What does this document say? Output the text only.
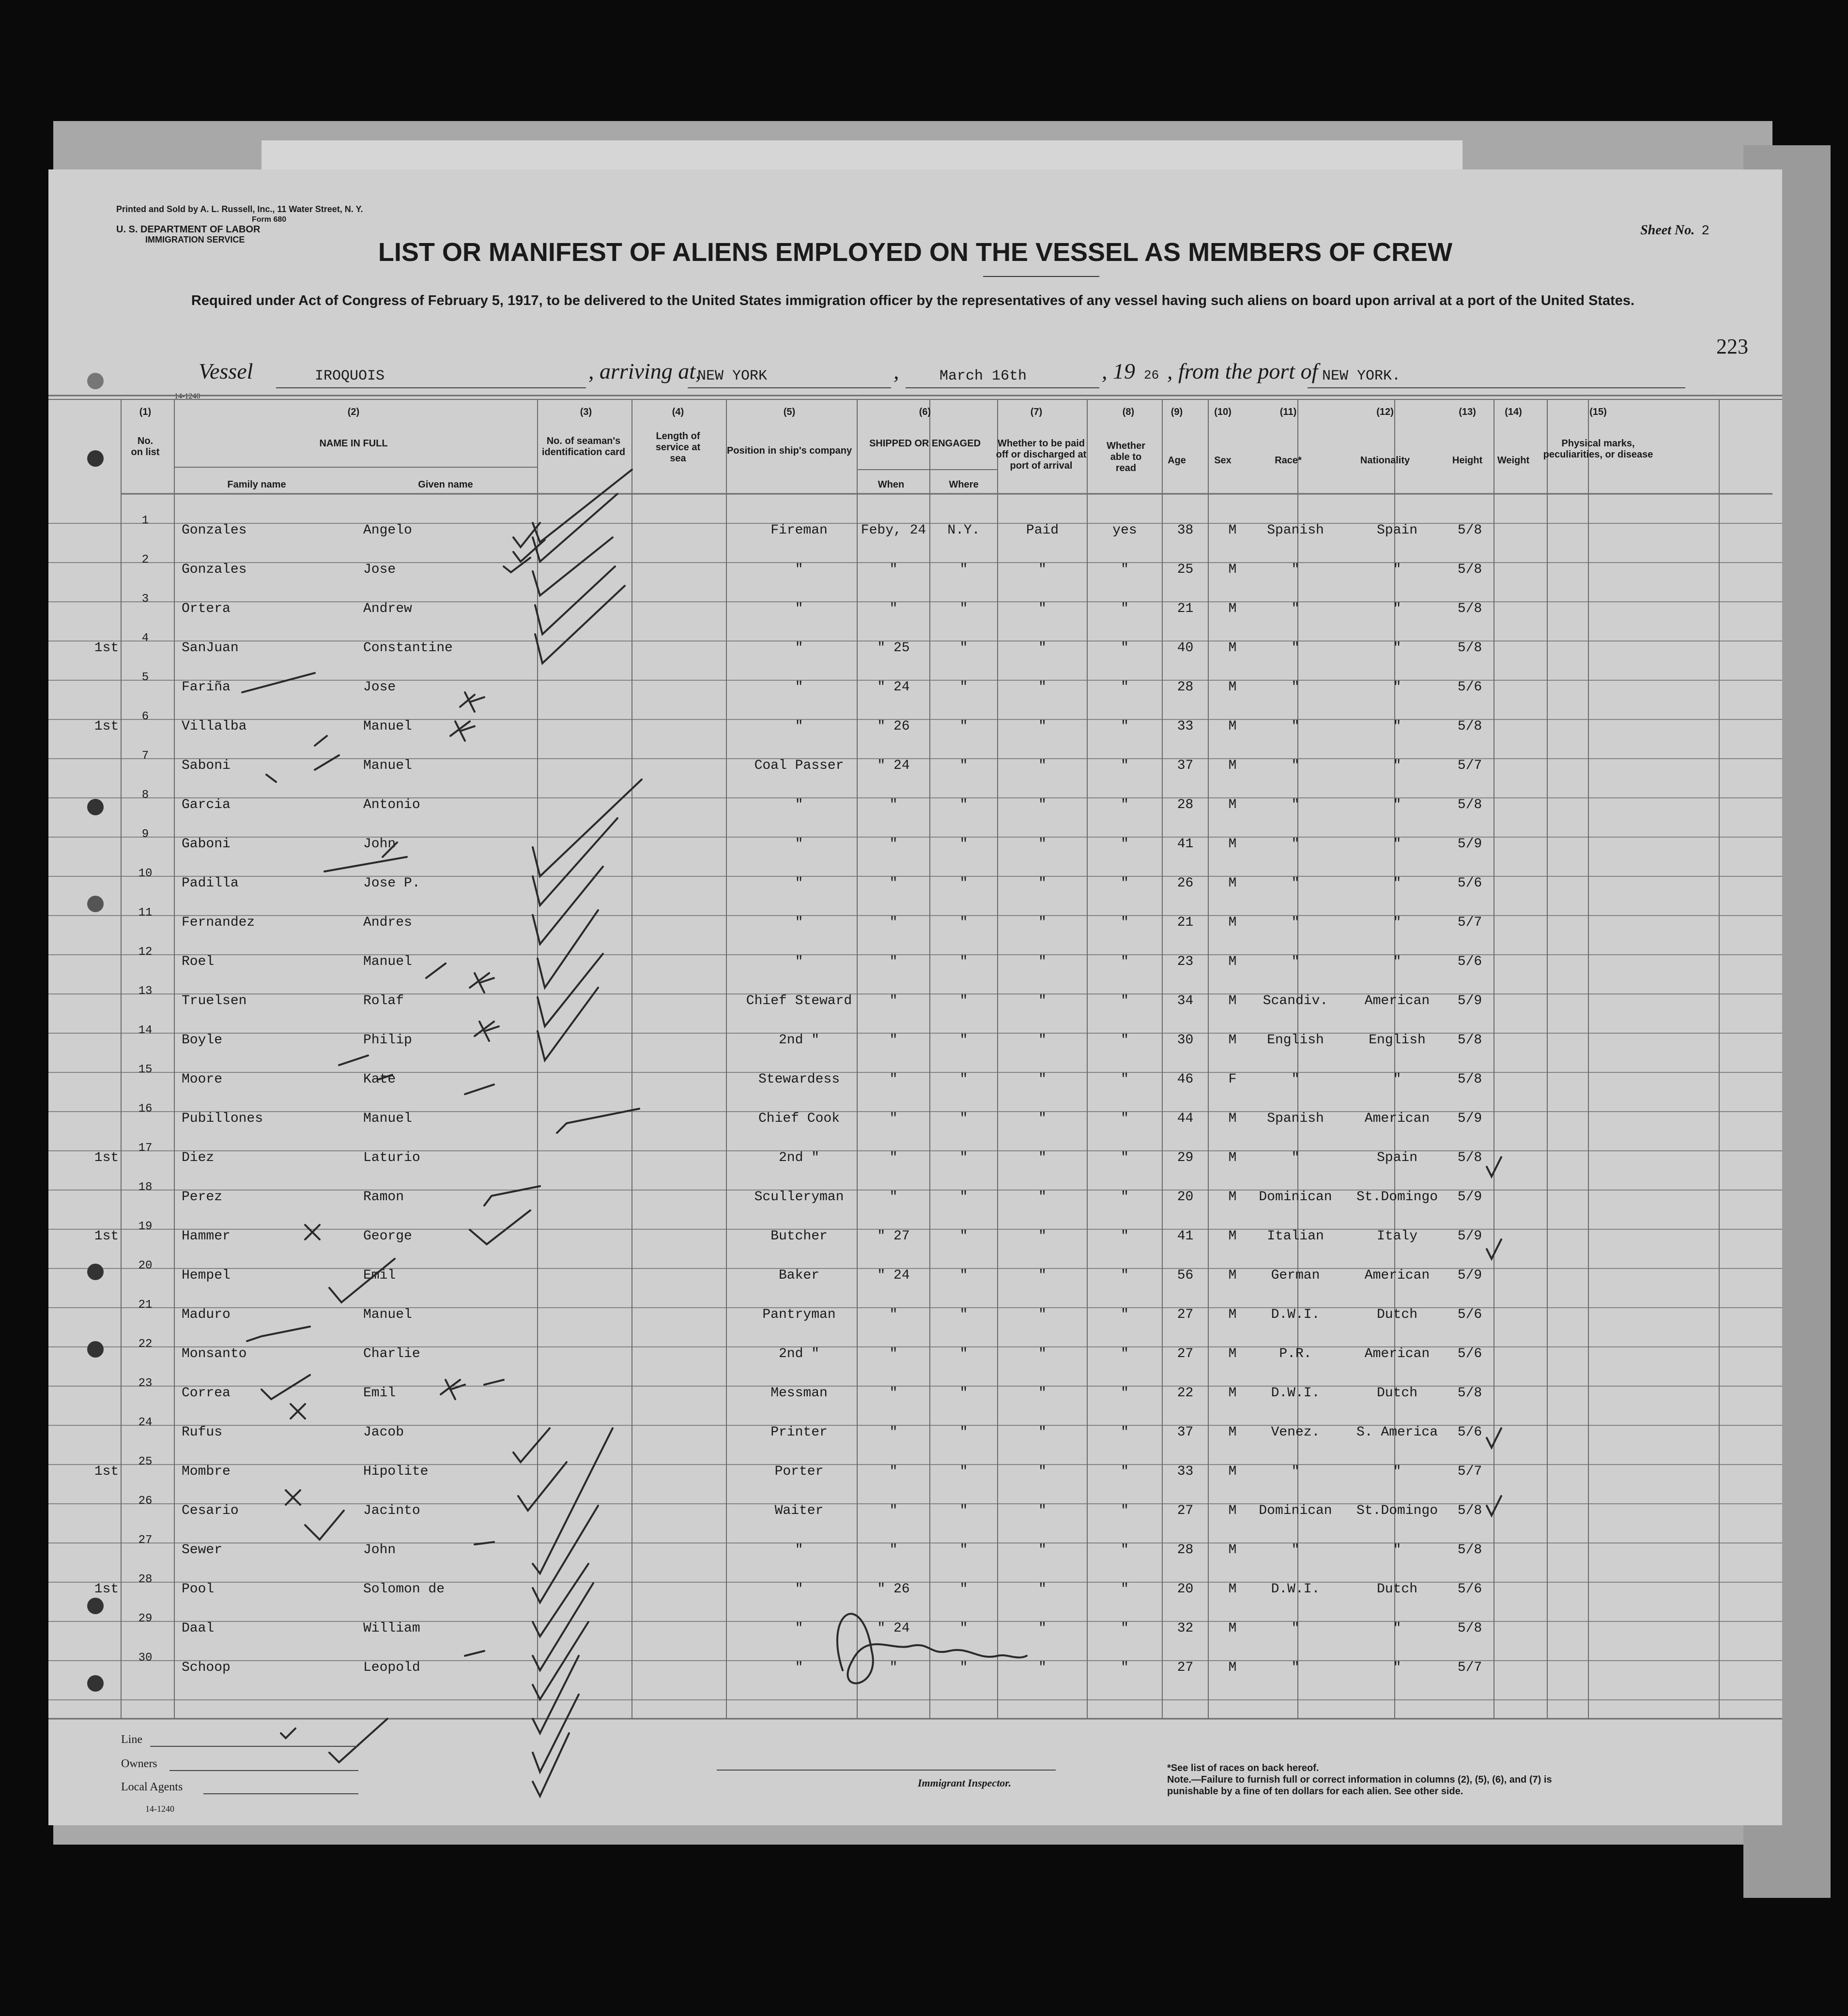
Printed and Sold by A. L. Russell, Inc., 11 Water Street, N. Y.
Form 680
U. S. DEPARTMENT OF LABOR
IMMIGRATION SERVICE
Sheet No. 2
LIST OR MANIFEST OF ALIENS EMPLOYED ON THE VESSEL AS MEMBERS OF CREW
Required under Act of Congress of February 5, 1917, to be delivered to the United States immigration officer by the representatives of any vessel having such aliens on board upon arrival at a port of the United States.
223
Vessel	IROQUOIS	, arriving at,
NEW YORK	,	March 16th	, 19 26 , from the port of NEW YORK.
14-1240
(1)
No. on list
(2)
NAME IN FULL
Family name	Given name
(3)
No. of seaman's identification card
(4)
Length of service at sea
(5)
Position in ship's company
(6)
SHIPPED OR ENGAGED
When	Where
(7)
Whether to be paid off or discharged at port of arrival
(8)
Whether able to read
(9)
Age
(10)
Sex
(11)
Race*
(12)
Nationality
(13)
Height
(14)
Weight
(15)
Physical marks, peculiarities, or disease
1
Gonzales	Angelo	Fireman	Feby, 24	N.Y.	Paid	yes	38	M	Spanish	Spain	5/8
2
Gonzales	Jose	"	"	"	"	"	25	M	"	"	5/8
3
Ortera	Andrew	"	"	"	"	"	21	M	"	"	5/8
1st
4
SanJuan	Constantine	"	" 25	"	"	"	40	M	"	"	5/8
5
Fariña	Jose	"	" 24	"	"	"	28	M	"	"	5/6
1st
6
Villalba	Manuel	"	" 26	"	"	"	33	M	"	"	5/8
7
Saboni	Manuel	Coal Passer	" 24	"	"	"	37	M	"	"	5/7
8
Garcia	Antonio	"	"	"	"	"	28	M	"	"	5/8
9
Gaboni	John	"	"	"	"	"	41	M	"	"	5/9
10
Padilla	Jose P.	"	"	"	"	"	26	M	"	"	5/6
11
Fernandez	Andres	"	"	"	"	"	21	M	"	"	5/7
12
Roel	Manuel	"	"	"	"	"	23	M	"	"	5/6
13
Truelsen	Rolaf	Chief Steward	"	"	"	"	34	M	Scandiv.	American	5/9
14
Boyle	Philip	2nd "	"	"	"	"	30	M	English	English	5/8
15
Moore	Kate	Stewardess	"	"	"	"	46	F	"	"	5/8
16
Pubillones	Manuel	Chief Cook	"	"	"	"	44	M	Spanish	American	5/9
1st
17
Diez	Laturio	2nd "	"	"	"	"	29	M	"	Spain	5/8
18
Perez	Ramon	Sculleryman	"	"	"	"	20	M	Dominican	St.Domingo	5/9
1st
19
Hammer	George	Butcher	" 27	"	"	"	41	M	Italian	Italy	5/9
20
Hempel	Emil	Baker	" 24	"	"	"	56	M	German	American	5/9
21
Maduro	Manuel	Pantryman	"	"	"	"	27	M	D.W.I.	Dutch	5/6
22
Monsanto	Charlie	2nd "	"	"	"	"	27	M	P.R.	American	5/6
23
Correa	Emil	Messman	"	"	"	"	22	M	D.W.I.	Dutch	5/8
24
Rufus	Jacob	Printer	"	"	"	"	37	M	Venez.	S. America	5/6
1st
25
Mombre	Hipolite	Porter	"	"	"	"	33	M	"	"	5/7
26
Cesario	Jacinto	Waiter	"	"	"	"	27	M	Dominican	St.Domingo	5/8
27
Sewer	John	"	"	"	"	"	28	M	"	"	5/8
1st
28
Pool	Solomon de	"	" 26	"	"	"	20	M	D.W.I.	Dutch	5/6
29
Daal	William	"	" 24	"	"	"	32	M	"	"	5/8
30
Schoop	Leopold	"	"	"	"	"	27	M	"	"	5/7
Line
Owners
Local Agents
14-1240
Immigrant Inspector.
*See list of races on back hereof.
Note.—Failure to furnish full or correct information in columns (2), (5), (6), and (7) is punishable by a fine of ten dollars for each alien. See other side.
